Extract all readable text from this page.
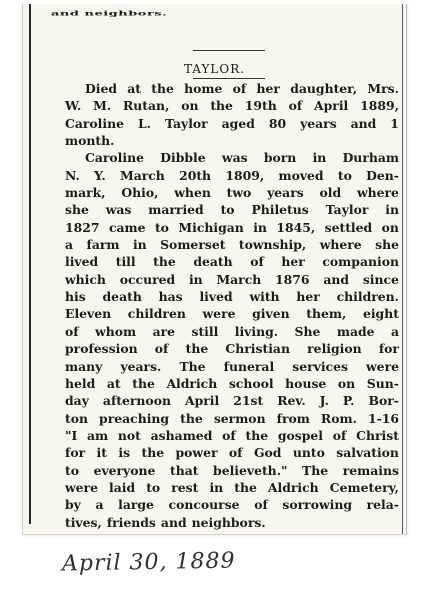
and neighbors.
TAYLOR.
Died at the home of her daughter, Mrs.
W. M. Rutan, on the 19th of April 1889,
Caroline L. Taylor aged 80 years and 1
month.
Caroline Dibble was born in Durham
N. Y. March 20th 1809, moved to Den-
mark, Ohio, when two years old where
she was married to Philetus Taylor in
1827 came to Michigan in 1845, settled on
a farm in Somerset township, where she
lived till the death of her companion
which occured in March 1876 and since
his death has lived with her children.
Eleven children were given them, eight
of whom are still living. She made a
profession of the Christian religion for
many years. The funeral services were
held at the Aldrich school house on Sun-
day afternoon April 21st Rev. J. P. Bor-
ton preaching the sermon from Rom. 1-16
"I am not ashamed of the gospel of Christ
for it is the power of God unto salvation
to everyone that believeth." The remains
were laid to rest in the Aldrich Cemetery,
by a large concourse of sorrowing rela-
tives, friends and neighbors.
April 30, 1889
